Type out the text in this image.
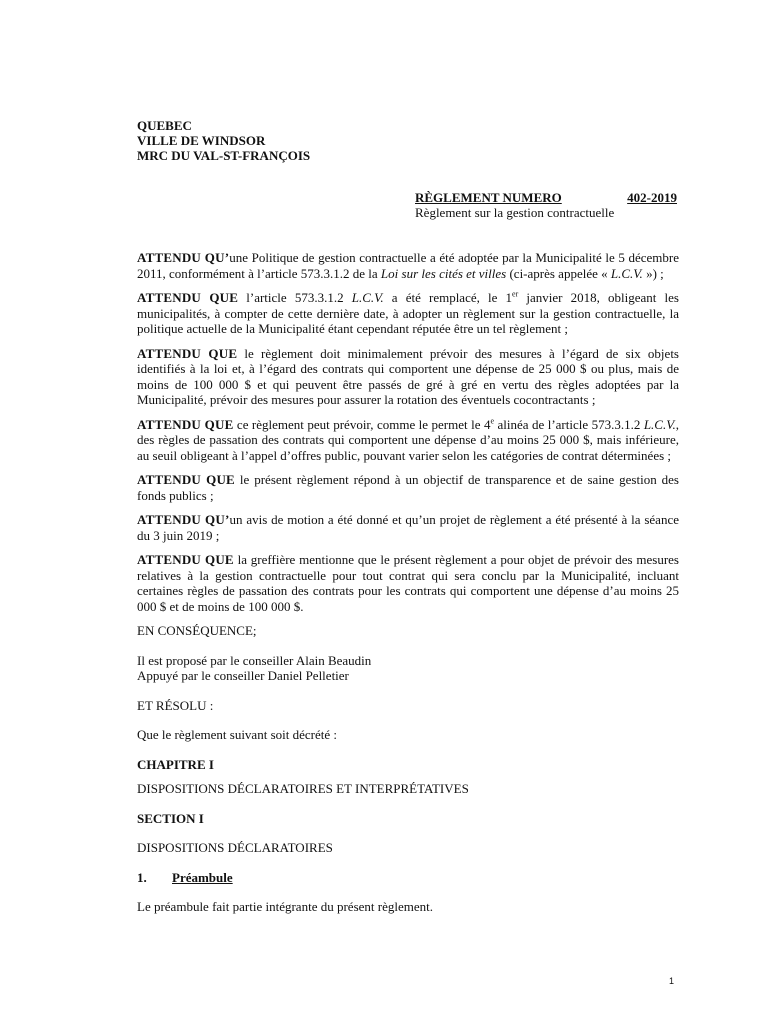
QUEBEC
VILLE DE WINDSOR
MRC DU VAL-ST-FRANÇOIS
RÈGLEMENT NUMERO	402-2019
Règlement sur la gestion contractuelle

ATTENDU QU’une Politique de gestion contractuelle a été adoptée par la Municipalité le 5 décembre 2011, conformément à l’article 573.3.1.2 de la Loi sur les cités et villes (ci-après appelée « L.C.V. ») ;

ATTENDU QUE l’article 573.3.1.2 L.C.V. a été remplacé, le 1er janvier 2018, obligeant les municipalités, à compter de cette dernière date, à adopter un règlement sur la gestion contractuelle, la politique actuelle de la Municipalité étant cependant réputée être un tel règlement ;

ATTENDU QUE le règlement doit minimalement prévoir des mesures à l’égard de six objets identifiés à la loi et, à l’égard des contrats qui comportent une dépense de 25 000 $ ou plus, mais de moins de 100 000 $ et qui peuvent être passés de gré à gré en vertu des règles adoptées par la Municipalité, prévoir des mesures pour assurer la rotation des éventuels cocontractants ;

ATTENDU QUE ce règlement peut prévoir, comme le permet le 4e alinéa de l’article 573.3.1.2 L.C.V., des règles de passation des contrats qui comportent une dépense d’au moins 25 000 $, mais inférieure, au seuil obligeant à l’appel d’offres public, pouvant varier selon les catégories de contrat déterminées ;

ATTENDU QUE le présent règlement répond à un objectif de transparence et de saine gestion des fonds publics ;

ATTENDU QU’un avis de motion a été donné et qu’un projet de règlement a été présenté à la séance du 3 juin 2019 ;

ATTENDU QUE la greffière mentionne que le présent règlement a pour objet de prévoir des mesures relatives à la gestion contractuelle pour tout contrat qui sera conclu par la Municipalité, incluant certaines règles de passation des contrats pour les contrats qui comportent une dépense d’au moins 25 000 $ et de moins de 100 000 $.

EN CONSÉQUENCE;

Il est proposé par le conseiller Alain Beaudin

Appuyé par le conseiller Daniel Pelletier

ET RÉSOLU :

Que le règlement suivant soit décrété :

CHAPITRE I

DISPOSITIONS DÉCLARATOIRES ET INTERPRÉTATIVES

SECTION I

DISPOSITIONS DÉCLARATOIRES

1.	Préambule

Le préambule fait partie intégrante du présent règlement.

1
